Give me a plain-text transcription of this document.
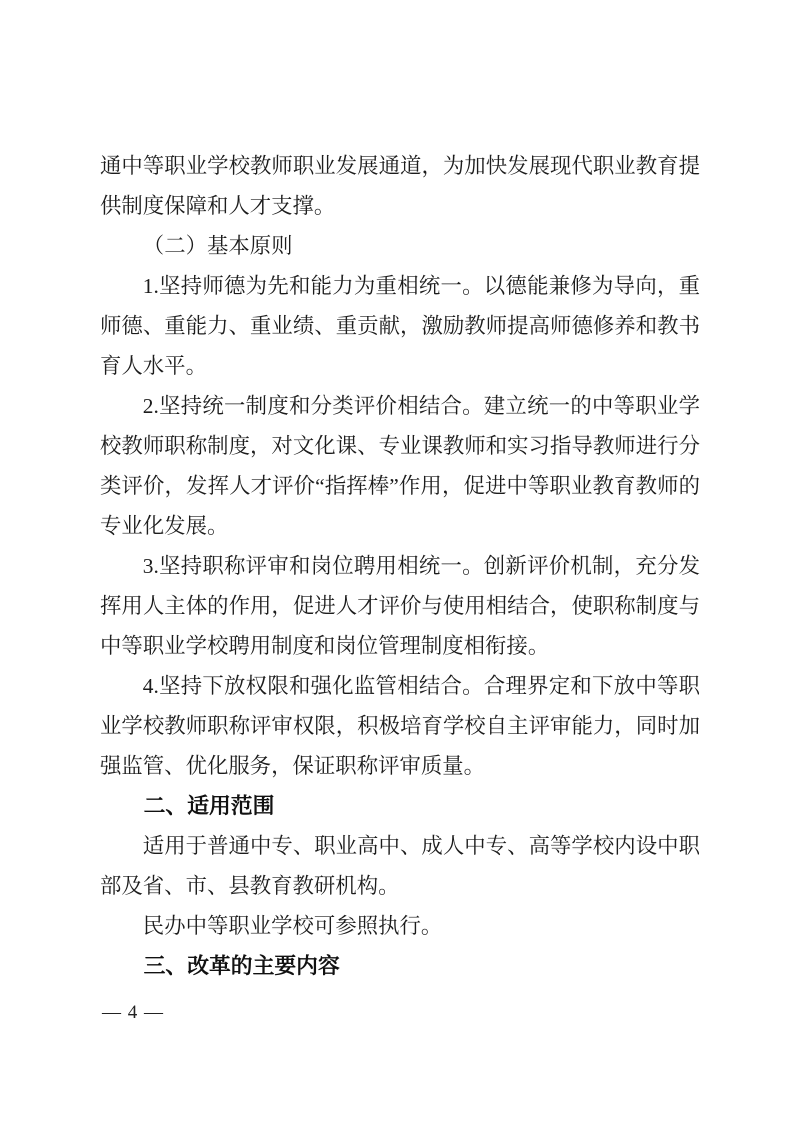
通中等职业学校教师职业发展通道，为加快发展现代职业教育提供制度保障和人才支撑。

（二）基本原则

1.坚持师德为先和能力为重相统一。以德能兼修为导向，重师德、重能力、重业绩、重贡献，激励教师提高师德修养和教书育人水平。

2.坚持统一制度和分类评价相结合。建立统一的中等职业学校教师职称制度，对文化课、专业课教师和实习指导教师进行分类评价，发挥人才评价“指挥棒”作用，促进中等职业教育教师的专业化发展。

3.坚持职称评审和岗位聘用相统一。创新评价机制，充分发挥用人主体的作用，促进人才评价与使用相结合，使职称制度与中等职业学校聘用制度和岗位管理制度相衔接。

4.坚持下放权限和强化监管相结合。合理界定和下放中等职业学校教师职称评审权限，积极培育学校自主评审能力，同时加强监管、优化服务，保证职称评审质量。

二、适用范围

适用于普通中专、职业高中、成人中专、高等学校内设中职部及省、市、县教育教研机构。

民办中等职业学校可参照执行。

三、改革的主要内容

— 4 —
